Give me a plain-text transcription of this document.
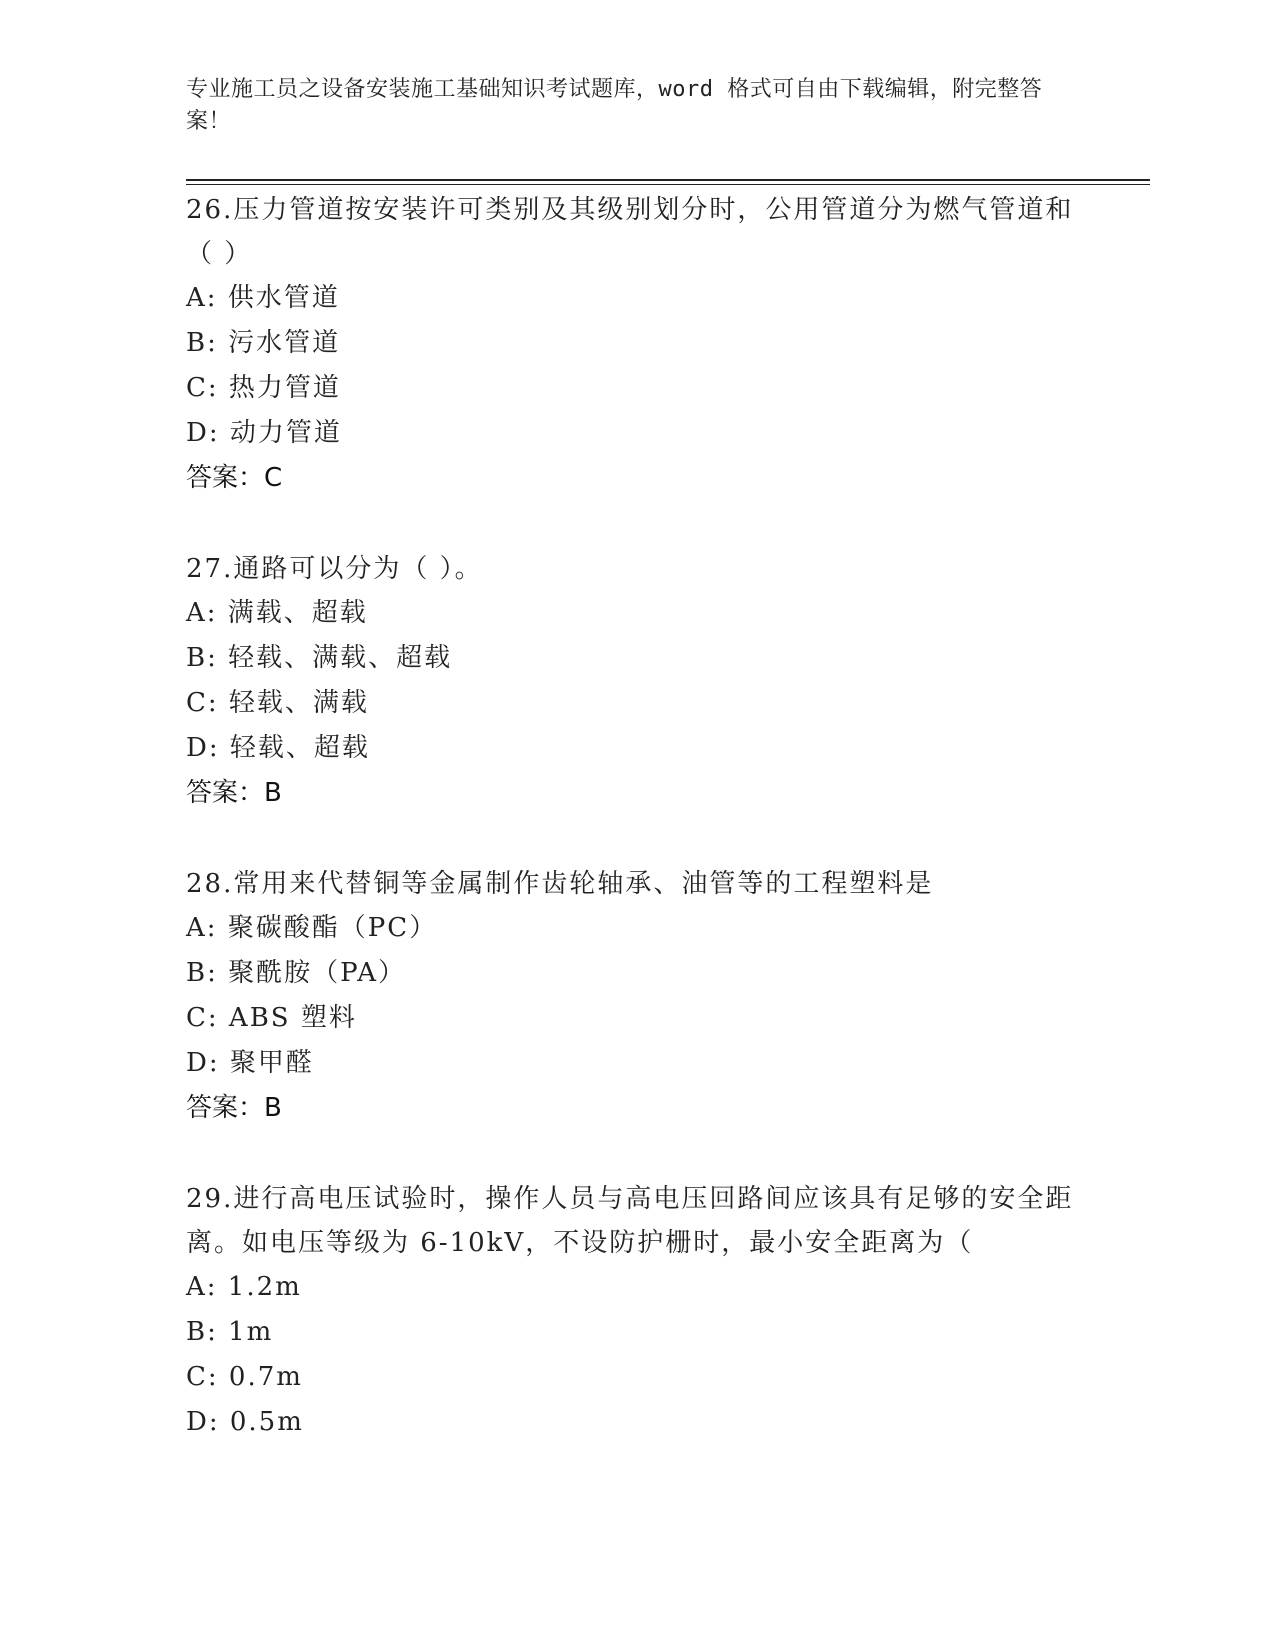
专业施工员之设备安装施工基础知识考试题库，word 格式可自由下载编辑，附完整答案！
26.压力管道按安装许可类别及其级别划分时，公用管道分为燃气管道和（ ）
A: 供水管道
B: 污水管道
C: 热力管道
D: 动力管道
答案：C
27.通路可以分为（ ）。
A: 满载、超载
B: 轻载、满载、超载
C: 轻载、满载
D: 轻载、超载
答案：B
28.常用来代替铜等金属制作齿轮轴承、油管等的工程塑料是
A: 聚碳酸酯（PC）
B: 聚酰胺（PA）
C: ABS 塑料
D: 聚甲醛
答案：B
29.进行高电压试验时，操作人员与高电压回路间应该具有足够的安全距离。如电压等级为 6-10kV，不设防护栅时，最小安全距离为（
A: 1.2m
B: 1m
C: 0.7m
D: 0.5m
